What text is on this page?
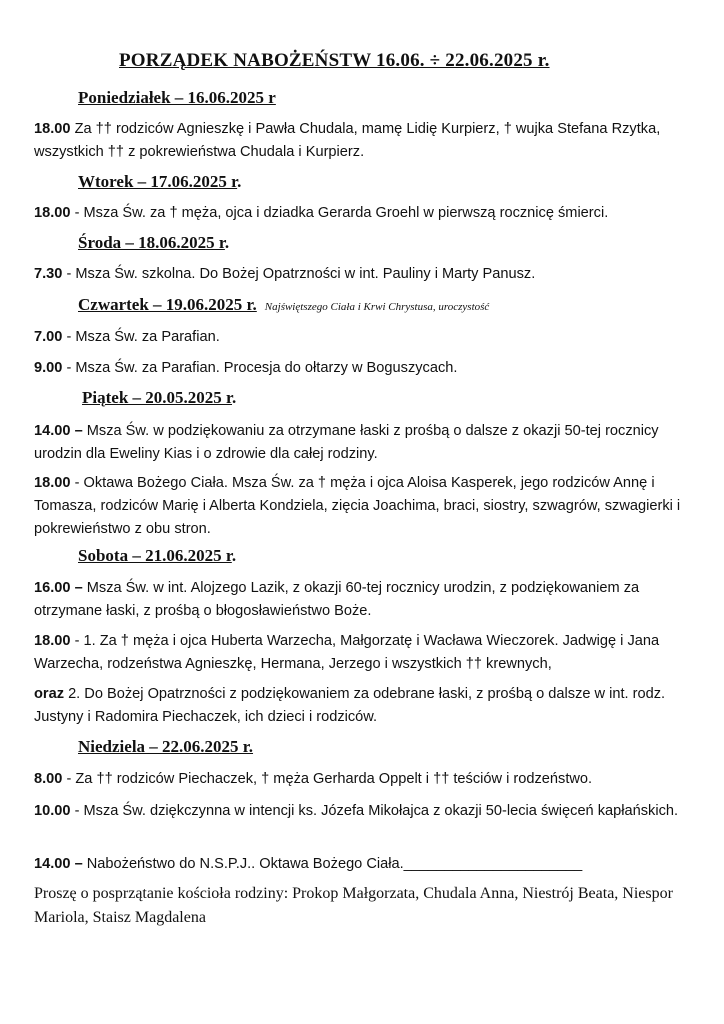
PORZĄDEK NABOŻEŃSTW 16.06. ÷ 22.06.2025 r.
Poniedziałek – 16.06.2025 r
18.00 Za †† rodziców Agnieszkę i Pawła Chudala, mamę Lidię Kurpierz, † wujka Stefana Rzytka, wszystkich †† z pokrewieństwa Chudala i Kurpierz.
Wtorek – 17.06.2025 r.
18.00 - Msza Św. za † męża, ojca i dziadka Gerarda Groehl w pierwszą rocznicę śmierci.
Środa – 18.06.2025 r.
7.30 - Msza Św. szkolna. Do Bożej Opatrzności w int. Pauliny i Marty Panusz.
Czwartek – 19.06.2025 r. Najświętszego Ciała i Krwi Chrystusa, uroczystość
7.00 - Msza Św. za Parafian.
9.00 - Msza Św. za Parafian. Procesja do ołtarzy w Boguszycach.
Piątek – 20.05.2025 r.
14.00 – Msza Św. w podziękowaniu za otrzymane łaski z prośbą o dalsze z okazji 50-tej rocznicy urodzin dla Eweliny Kias i o zdrowie dla całej rodziny.
18.00 - Oktawa Bożego Ciała. Msza Św. za † męża i ojca Aloisa Kasperek, jego rodziców Annę i Tomasza, rodziców Marię i Alberta Kondziela, zięcia Joachima, braci, siostry, szwagrów, szwagierki i pokrewieństwo z obu stron.
Sobota – 21.06.2025 r.
16.00 – Msza Św. w int. Alojzego Lazik, z okazji 60-tej rocznicy urodzin, z podziękowaniem za otrzymane łaski, z prośbą o błogosławieństwo Boże.
18.00 - 1. Za † męża i ojca Huberta Warzecha, Małgorzatę i Wacława Wieczorek. Jadwigę i Jana Warzecha, rodzeństwa Agnieszkę, Hermana, Jerzego i wszystkich †† krewnych,
oraz 2. Do Bożej Opatrzności z podziękowaniem za odebrane łaski, z prośbą o dalsze w int. rodz. Justyny i Radomira Piechaczek, ich dzieci i rodziców.
Niedziela – 22.06.2025 r.
8.00 - Za †† rodziców Piechaczek, † męża Gerharda Oppelt i †† teściów i rodzeństwo.
10.00 - Msza Św. dziękczynna w intencji ks. Józefa Mikołajca z okazji 50-lecia święceń kapłańskich.
14.00 – Nabożeństwo do N.S.P.J.. Oktawa Bożego Ciała.______________________
Proszę o posprzątanie kościoła rodziny: Prokop Małgorzata, Chudala Anna, Niestrój Beata, Niespor Mariola, Staisz Magdalena
